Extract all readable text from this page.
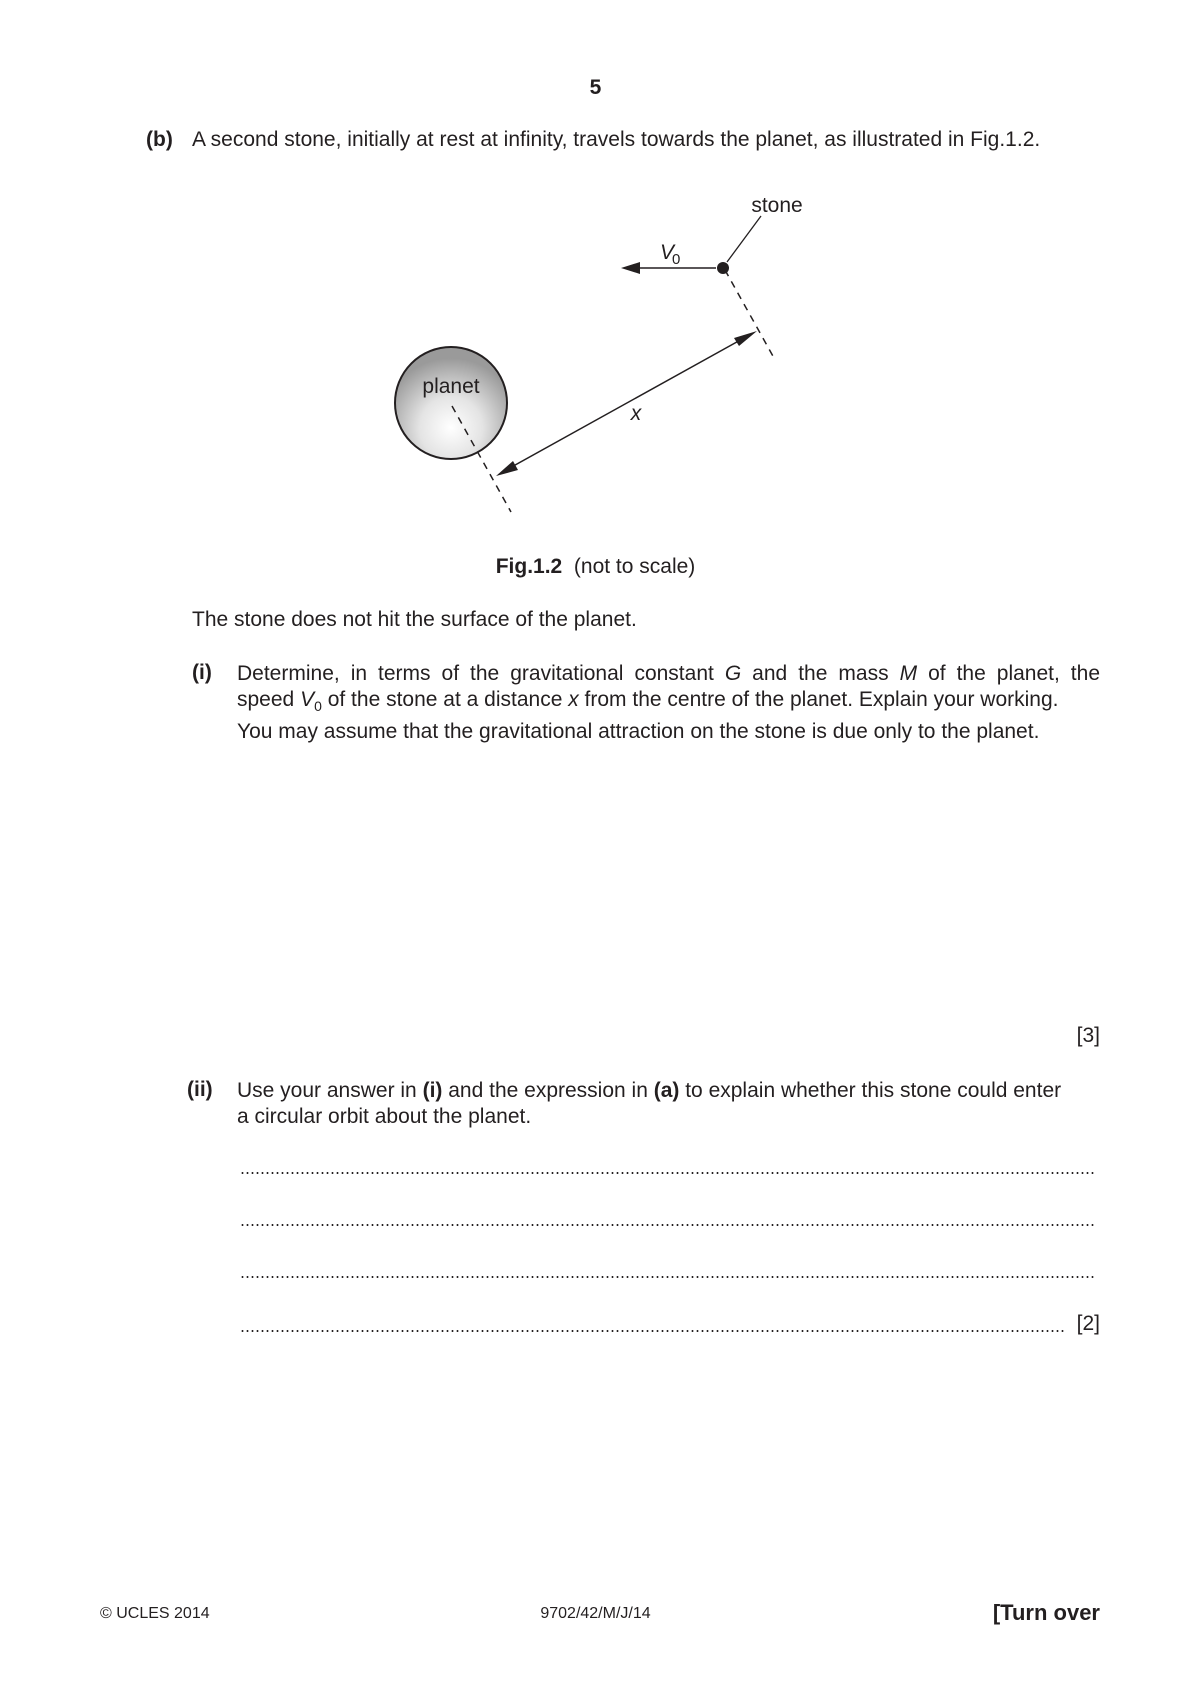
5
(b) A second stone, initially at rest at infinity, travels towards the planet, as illustrated in Fig.1.2.
planet
x
stone
V
0
Fig.1.2 (not to scale)
The stone does not hit the surface of the planet.
(i) Determine, in terms of the gravitational constant G and the mass M of the planet, the
speed $V_0$ of the stone at a distance x from the centre of the planet. Explain your working.
You may assume that the gravitational attraction on the stone is due only to the planet.
[3]
(ii) Use your answer in (i) and the expression in (a) to explain whether this stone could enter
a circular orbit about the planet.
[2]
© UCLES 2014	9702/42/M/J/14	[Turn over
